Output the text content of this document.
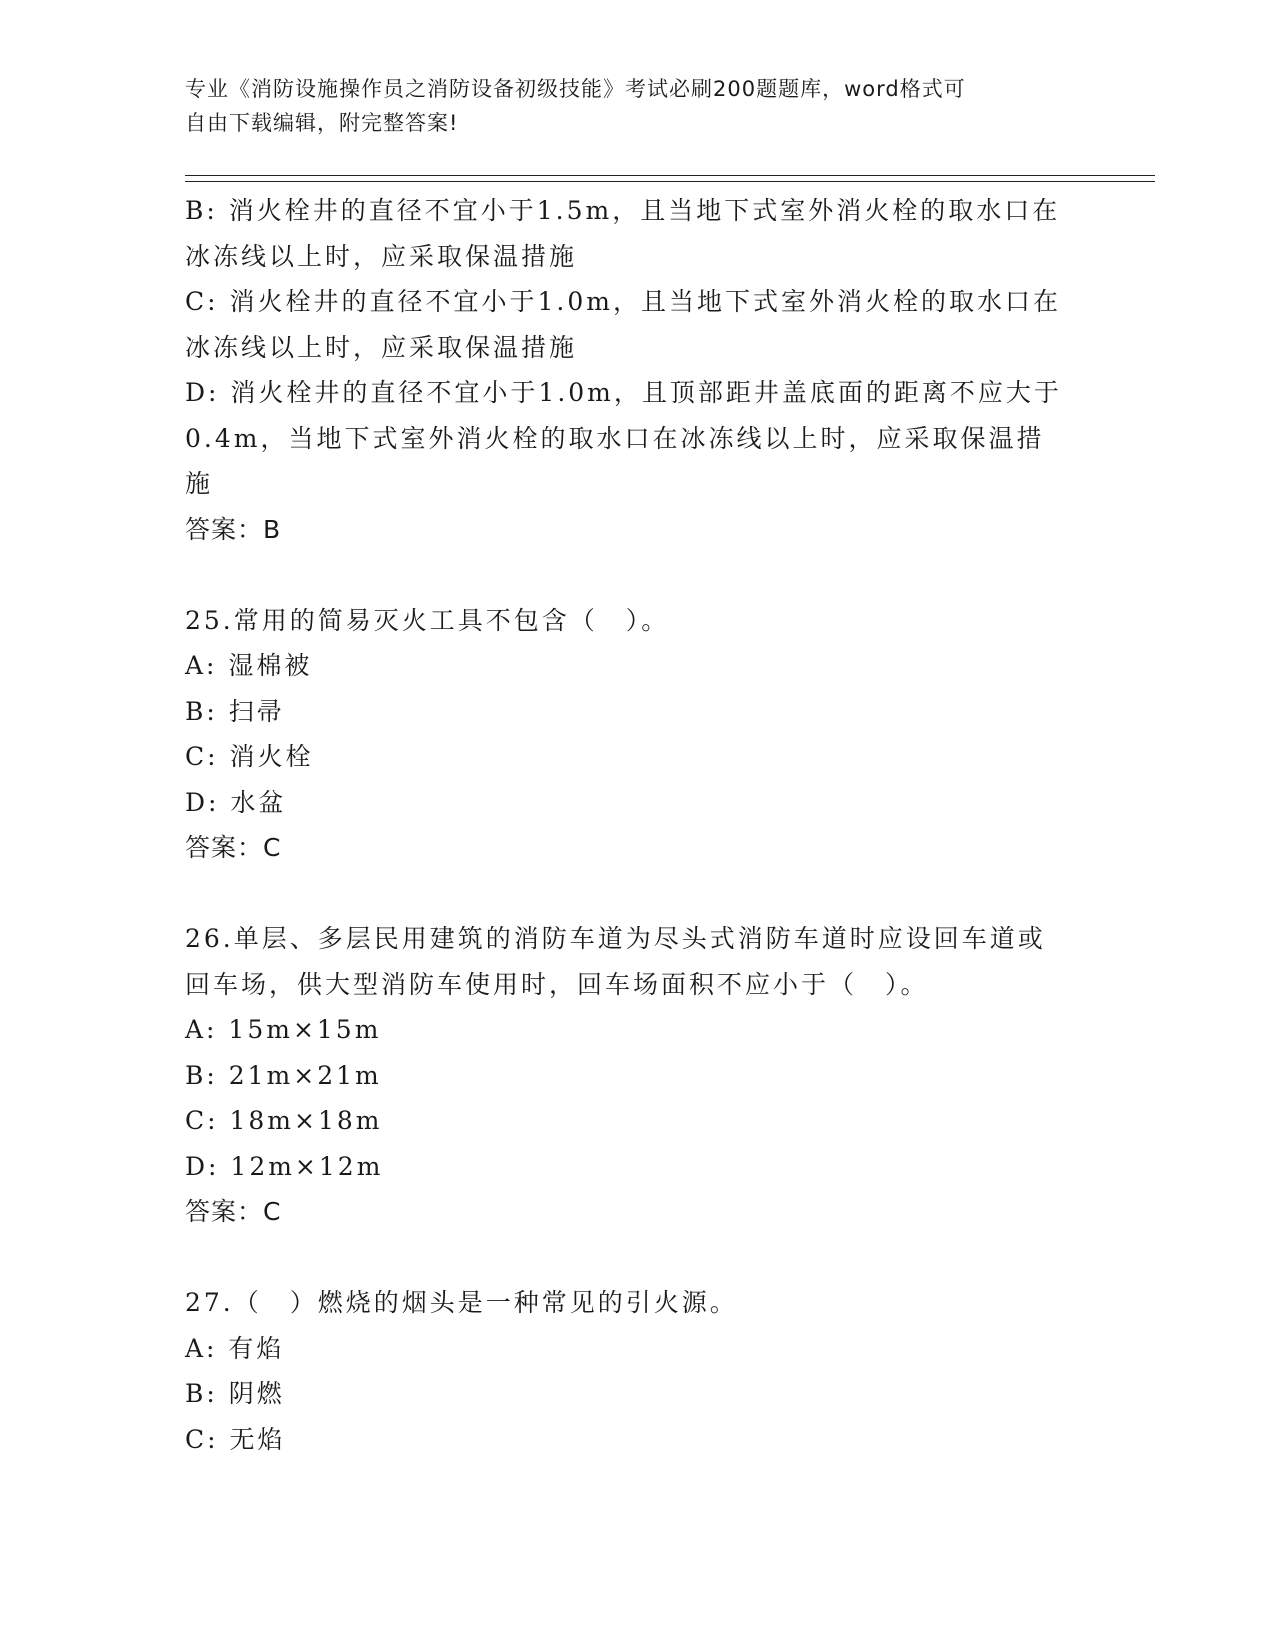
专业《消防设施操作员之消防设备初级技能》考试必刷200题题库，word格式可
自由下载编辑，附完整答案!
B: 消火栓井的直径不宜小于1.5m，且当地下式室外消火栓的取水口在
冰冻线以上时，应采取保温措施
C: 消火栓井的直径不宜小于1.0m，且当地下式室外消火栓的取水口在
冰冻线以上时，应采取保温措施
D: 消火栓井的直径不宜小于1.0m，且顶部距井盖底面的距离不应大于
0.4m，当地下式室外消火栓的取水口在冰冻线以上时，应采取保温措
施
答案：B
25.常用的简易灭火工具不包含（　）。
A: 湿棉被
B: 扫帚
C: 消火栓
D: 水盆
答案：C
26.单层、多层民用建筑的消防车道为尽头式消防车道时应设回车道或
回车场，供大型消防车使用时，回车场面积不应小于（　）。
A: 15m×15m
B: 21m×21m
C: 18m×18m
D: 12m×12m
答案：C
27.（　）燃烧的烟头是一种常见的引火源。
A: 有焰
B: 阴燃
C: 无焰
